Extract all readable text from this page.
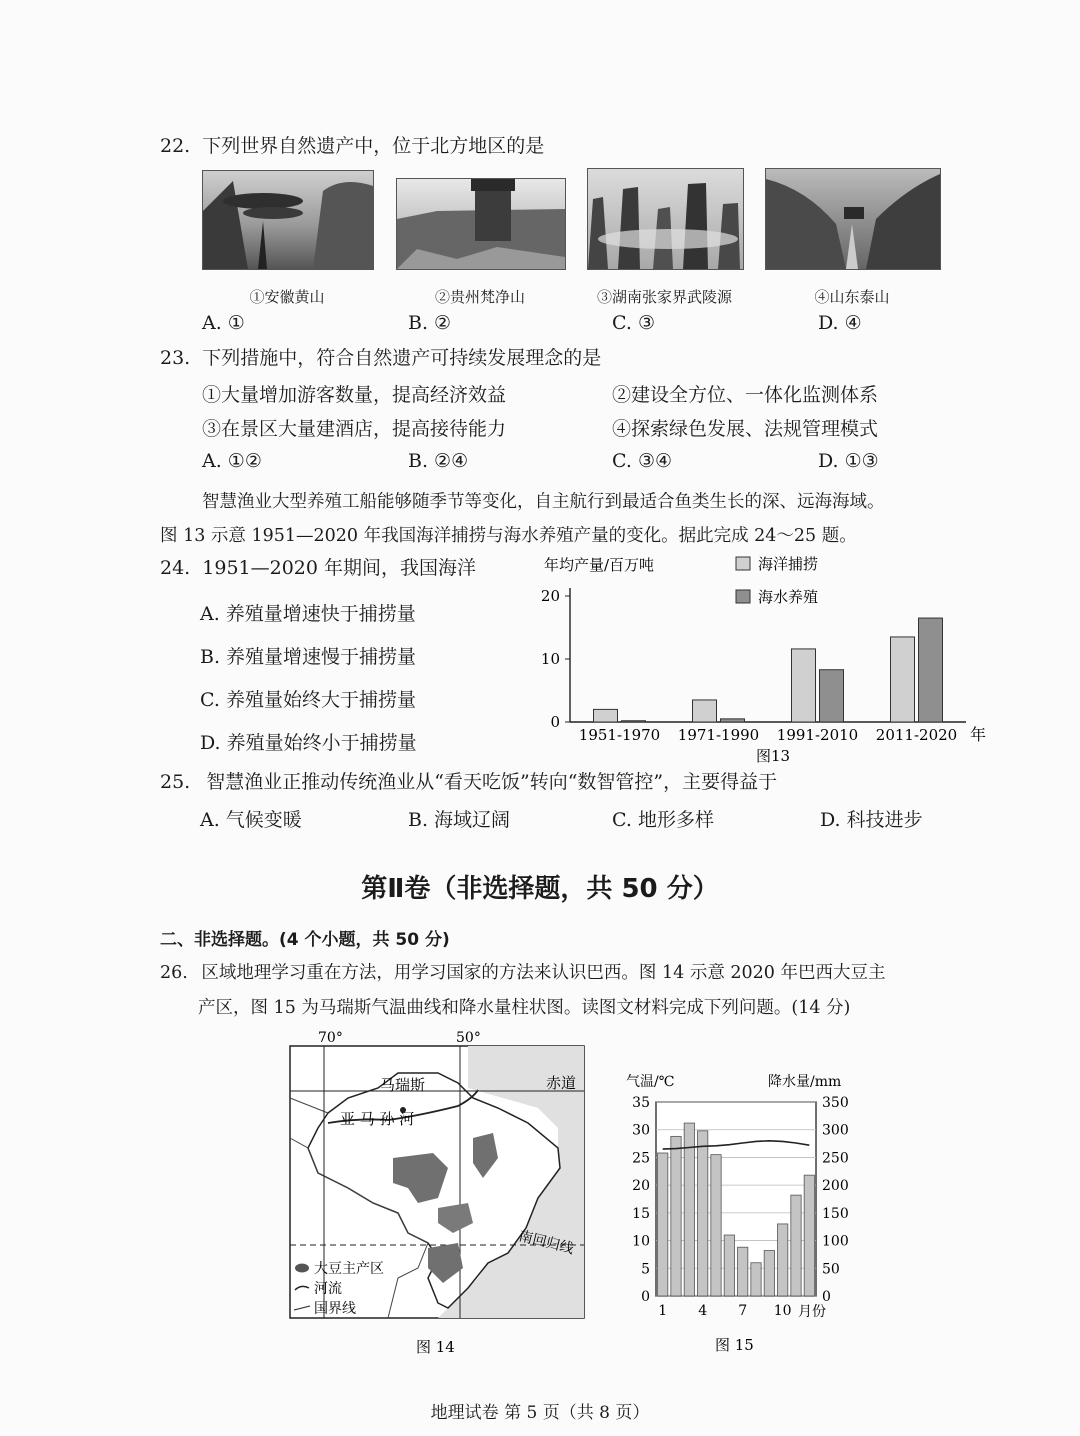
22. 下列世界自然遗产中，位于北方地区的是
①安徽黄山	②贵州梵净山	③湖南张家界武陵源	④山东泰山
A. ①	B. ②	C. ③	D. ④
23. 下列措施中，符合自然遗产可持续发展理念的是
①大量增加游客数量，提高经济效益	②建设全方位、一体化监测体系
③在景区大量建酒店，提高接待能力	④探索绿色发展、法规管理模式
A. ①②	B. ②④	C. ③④	D. ①③
智慧渔业大型养殖工船能够随季节等变化，自主航行到最适合鱼类生长的深、远海海域。
图 13 示意 1951—2020 年我国海洋捕捞与海水养殖产量的变化。据此完成 24～25 题。
24. 1951—2020 年期间，我国海洋
A. 养殖量增速快于捕捞量
B. 养殖量增速慢于捕捞量
C. 养殖量始终大于捕捞量
D. 养殖量始终小于捕捞量
年均产量/百万吨	海洋捕捞
海水养殖
0
10
20
1951-1970 1971-1990 1991-2010 2011-2020 年
图13
25. 智慧渔业正推动传统渔业从“看天吃饭”转向“数智管控”，主要得益于
A. 气候变暖	B. 海域辽阔	C. 地形多样	D. 科技进步
第Ⅱ卷（非选择题，共 50 分）
二、非选择题。(4 个小题，共 50 分)
26. 区域地理学习重在方法，用学习国家的方法来认识巴西。图 14 示意 2020 年巴西大豆主
产区，图 15 为马瑞斯气温曲线和降水量柱状图。读图文材料完成下列问题。(14 分)
70°	50°
赤道
马瑞斯
亚 马 孙 河
南回归线
大豆主产区
河流
国界线
图 14
气温/℃	降水量/mm
0
5
10
15
20
25
30
35
0
50
100
150
200
250
300
350
1 4 7 10 月份
图 15
地理试卷 第 5 页（共 8 页）
